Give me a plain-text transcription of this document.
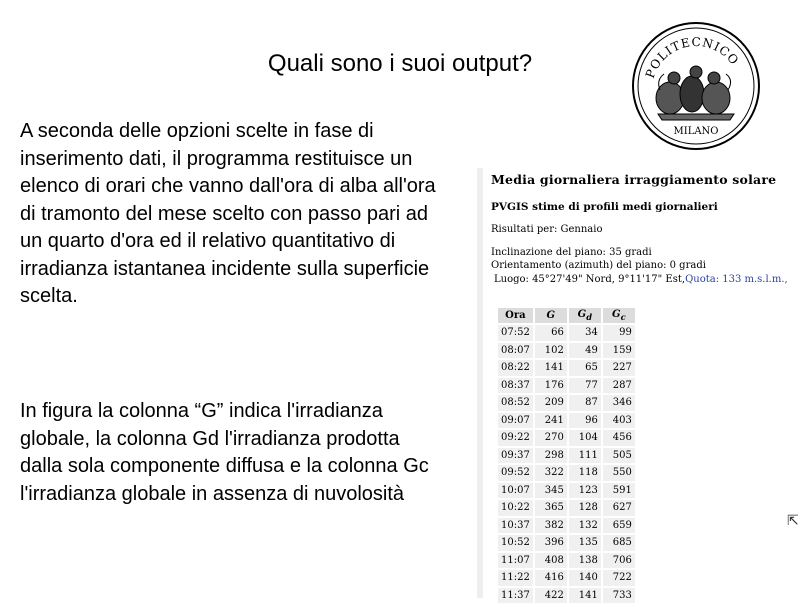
Quali sono i suoi output?
A seconda delle opzioni scelte in fase di inserimento dati, il programma restituisce un elenco di orari che vanno dall'ora di alba all'ora di tramonto del mese scelto con passo pari ad un quarto d'ora ed il relativo quantitativo di irradianza istantanea incidente sulla superficie scelta.
In figura la colonna “G” indica l'irradianza globale, la colonna Gd l'irradianza prodotta dalla sola componente diffusa e la colonna Gc l'irradianza globale in assenza di nuvolosità
POLITECNICO
MILANO
Media giornaliera irraggiamento solare
PVGIS stime di profili medi giornalieri
Risultati per: Gennaio
Inclinazione del piano: 35 gradi
Orientamento (azimuth) del piano: 0 gradi
Luogo: 45°27'49" Nord, 9°11'17" Est,Quota: 133 m.s.l.m.,
Ora	G	$G_d$	$G_c$
07:52	66	34	99
08:07	102	49	159
08:22	141	65	227
08:37	176	77	287
08:52	209	87	346
09:07	241	96	403
09:22	270	104	456
09:37	298	111	505
09:52	322	118	550
10:07	345	123	591
10:22	365	128	627
10:37	382	132	659
10:52	396	135	685
11:07	408	138	706
11:22	416	140	722
11:37	422	141	733
⇱
